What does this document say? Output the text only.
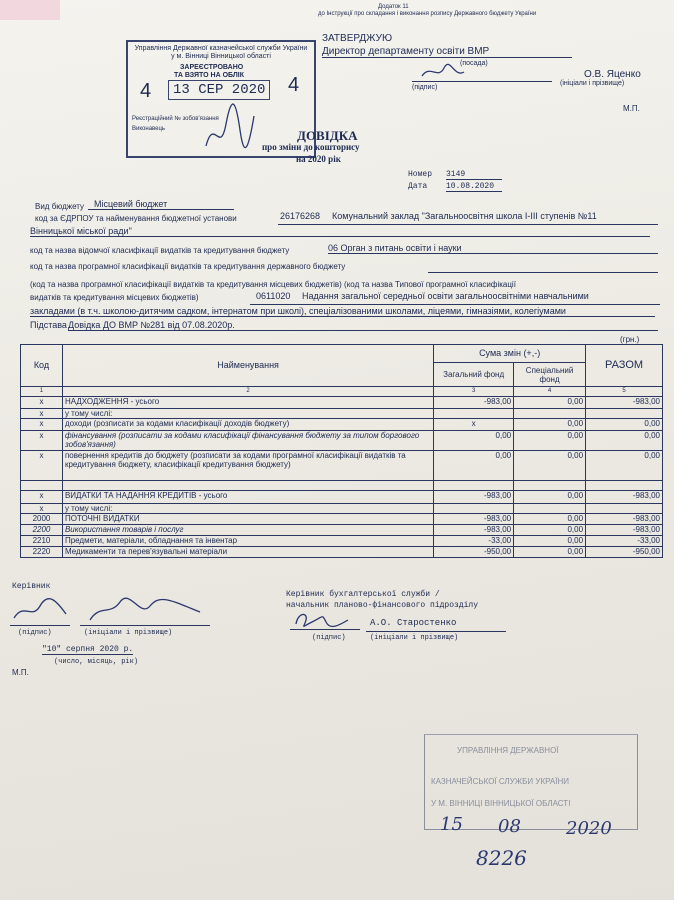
Додаток 11
до Інструкції про складання і виконання розпису Державного бюджету України
ЗАТВЕРДЖУЮ
Директор департаменту освіти ВМР
(посада)
(підпис)
О.В. Яценко
(ініціали і прізвище)
М.П.
Управління Державної казначейської служби України у м. Вінниці Вінницької області
ЗАРЕЄСТРОВАНО
ТА ВЗЯТО НА ОБЛІК
4	13 СЕР 2020 4
Реєстраційний № зобов'язання
Виконавець	ДОВІДКА
про зміни до кошторису
на 2020 рік
Номер 3149
Дата 10.08.2020
Вид бюджету	Місцевий бюджет
код за ЄДРПОУ та найменування бюджетної установи	26176268 Комунальний заклад "Загальноосвітня школа I-III ступенів №11
Вінницької міської ради"
код та назва відомчої класифікації видатків та кредитування бюджету	06 Орган з питань освіти і науки
код та назва програмної класифікації видатків та кредитування державного бюджету
(код та назва програмної класифікації видатків та кредитування місцевих бюджетів) (код та назва Типової програмної класифікації
видатків та кредитування місцевих бюджетів)	0611020 Надання загальної середньої освіти загальноосвітніми навчальними
закладами (в т.ч. школою-дитячим садком, інтернатом при школі), спеціалізованими школами, ліцеями, гімназіями, колегіумами
Підстава Довідка ДО ВМР №281 від 07.08.2020р.
(грн.)
Код	Найменування	Сума змін (+,-)		РАЗОМ
		Загальний фонд	Спеціальний фонд	
1	2	3	4	5
x	НАДХОДЖЕННЯ - усього	-983,00	0,00	-983,00
x	у тому числі:			
x	доходи (розписати за кодами класифікації доходів бюджету)	x	0,00	0,00
x	фінансування (розписати за кодами класифікації фінансування бюджету за типом боргового зобов'язання)	0,00	0,00	0,00
x	повернення кредитів до бюджету (розписати за кодами програмної класифікації видатків та кредитування бюджету, класифікації кредитування бюджету)	0,00	0,00	0,00

x	ВИДАТКИ ТА НАДАННЯ КРЕДИТІВ - усього	-983,00	0,00	-983,00
x	у тому числі:			
2000	ПОТОЧНІ ВИДАТКИ	-983,00	0,00	-983,00
2200	Використання товарів і послуг	-983,00	0,00	-983,00
2210	Предмети, матеріали, обладнання та інвентар	-33,00	0,00	-33,00
2220	Медикаменти та перев'язувальні матеріали	-950,00	0,00	-950,00
Керівник
(підпис)	(ініціали і прізвище)
"10" серпня 2020 р.
(число, місяць, рік)
М.П.
Керівник бухгалтерської служби /
начальник планово-фінансового підрозділу
А.О. Старостенко
(підпис)	(ініціали і прізвище)
УПРАВЛІННЯ ДЕРЖАВНОЇ
КАЗНАЧЕЙСЬКОЇ СЛУЖБИ УКРАЇНИ
У М. ВІННИЦІ ВІННИЦЬКОЇ ОБЛАСТІ
15 08	2020
8226
